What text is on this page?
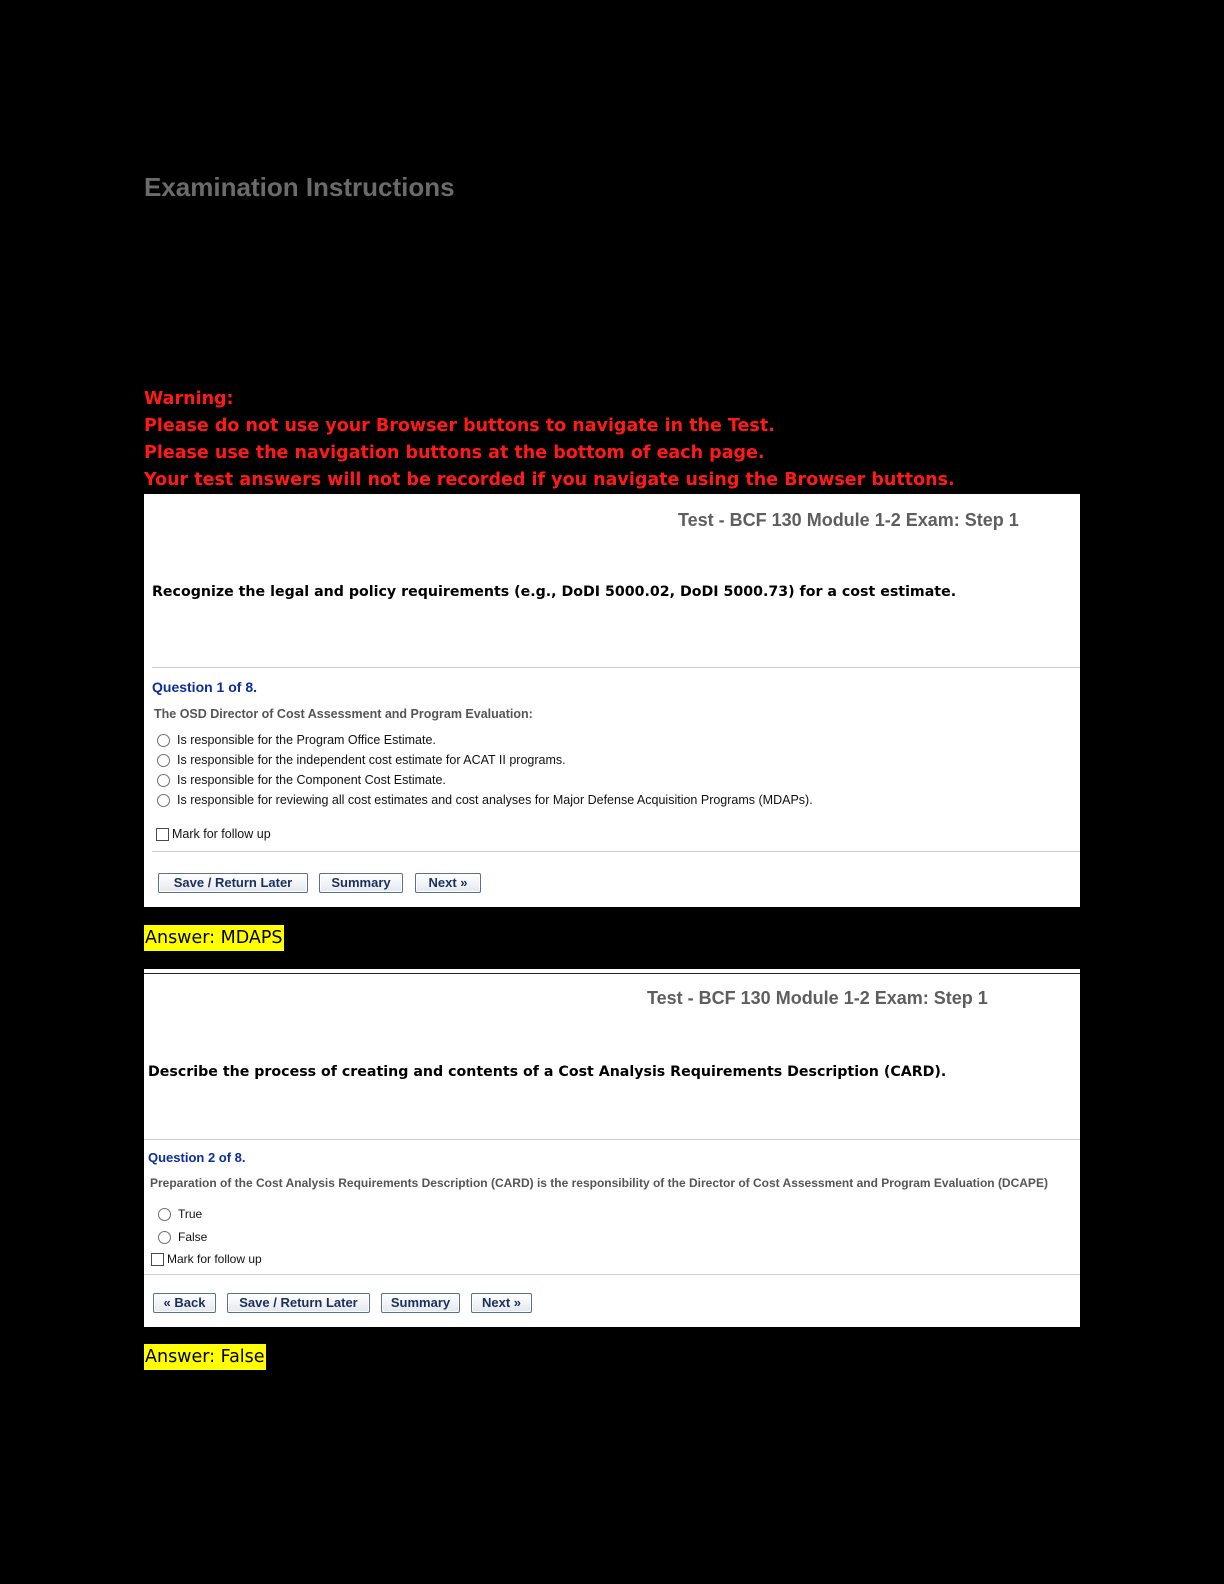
Examination Instructions
Warning:
Please do not use your Browser buttons to navigate in the Test.
Please use the navigation buttons at the bottom of each page.
Your test answers will not be recorded if you navigate using the Browser buttons.
Test - BCF 130 Module 1-2 Exam: Step 1
Recognize the legal and policy requirements (e.g., DoDI 5000.02, DoDI 5000.73) for a cost estimate.
Question 1 of 8.
The OSD Director of Cost Assessment and Program Evaluation:
Is responsible for the Program Office Estimate.
Is responsible for the independent cost estimate for ACAT II programs.
Is responsible for the Component Cost Estimate.
Is responsible for reviewing all cost estimates and cost analyses for Major Defense Acquisition Programs (MDAPs).
Mark for follow up
Save / Return Later	Summary	Next »
Answer: MDAPS
Test - BCF 130 Module 1-2 Exam: Step 1
Describe the process of creating and contents of a Cost Analysis Requirements Description (CARD).
Question 2 of 8.
Preparation of the Cost Analysis Requirements Description (CARD) is the responsibility of the Director of Cost Assessment and Program Evaluation (DCAPE)
True
False
Mark for follow up
« Back	Save / Return Later	Summary	Next »
Answer: False
